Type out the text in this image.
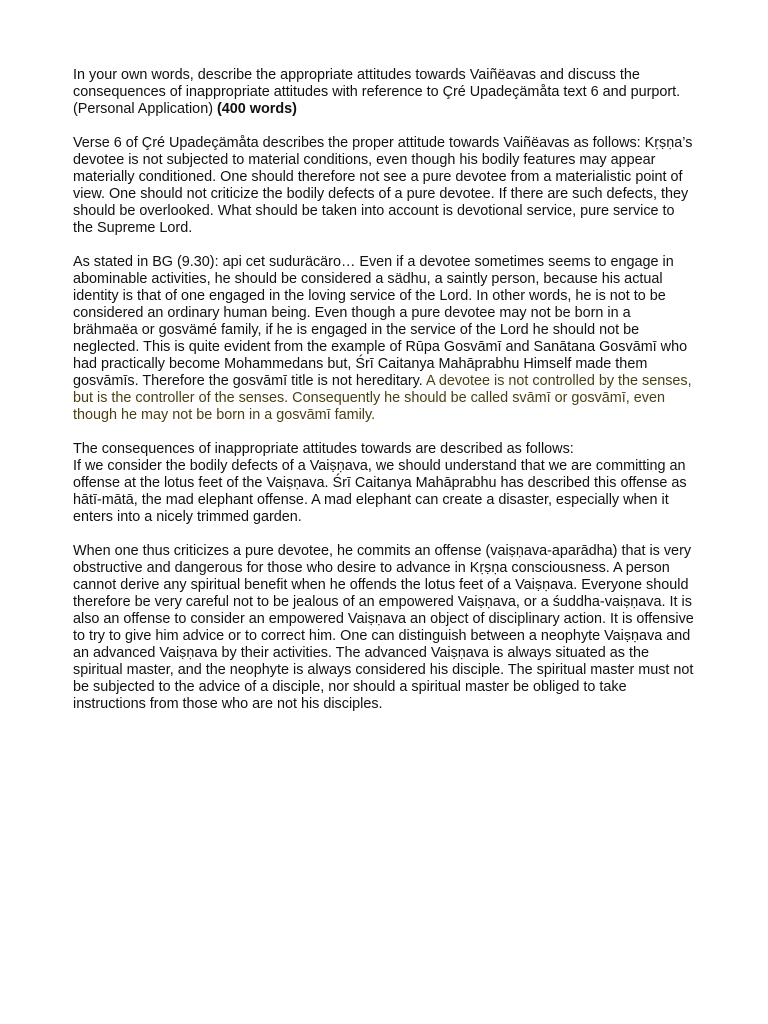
In your own words, describe the appropriate attitudes towards Vaiñëavas and discuss the consequences of inappropriate attitudes with reference to Çré Upadeçämåta text 6 and purport. (Personal Application) (400 words)

Verse 6 of Çré Upadeçämåta describes the proper attitude towards Vaiñëavas as follows: Kṛṣṇa’s devotee is not subjected to material conditions, even though his bodily features may appear materially conditioned. One should therefore not see a pure devotee from a materialistic point of view. One should not criticize the bodily defects of a pure devotee. If there are such defects, they should be overlooked. What should be taken into account is devotional service, pure service to the Supreme Lord.

As stated in BG (9.30): api cet suduräcäro… Even if a devotee sometimes seems to engage in abominable activities, he should be considered a sädhu, a saintly person, because his actual identity is that of one engaged in the loving service of the Lord. In other words, he is not to be considered an ordinary human being. Even though a pure devotee may not be born in a brähmaëa or gosvämé family, if he is engaged in the service of the Lord he should not be neglected. This is quite evident from the example of Rūpa Gosvāmī and Sanātana Gosvāmī who had practically become Mohammedans but, Śrī Caitanya Mahāprabhu Himself made them gosvāmīs. Therefore the gosvāmī title is not hereditary. A devotee is not controlled by the senses, but is the controller of the senses. Consequently he should be called svāmī or gosvāmī, even though he may not be born in a gosvāmī family.

The consequences of inappropriate attitudes towards are described as follows:
If we consider the bodily defects of a Vaiṣṇava, we should understand that we are committing an offense at the lotus feet of the Vaiṣṇava. Śrī Caitanya Mahāprabhu has described this offense as hātī-mātā, the mad elephant offense. A mad elephant can create a disaster, especially when it enters into a nicely trimmed garden.

When one thus criticizes a pure devotee, he commits an offense (vaiṣṇava-aparādha) that is very obstructive and dangerous for those who desire to advance in Kṛṣṇa consciousness. A person cannot derive any spiritual benefit when he offends the lotus feet of a Vaiṣṇava. Everyone should therefore be very careful not to be jealous of an empowered Vaiṣṇava, or a śuddha-vaiṣṇava. It is also an offense to consider an empowered Vaiṣṇava an object of disciplinary action. It is offensive to try to give him advice or to correct him. One can distinguish between a neophyte Vaiṣṇava and an advanced Vaiṣṇava by their activities. The advanced Vaiṣṇava is always situated as the spiritual master, and the neophyte is always considered his disciple. The spiritual master must not be subjected to the advice of a disciple, nor should a spiritual master be obliged to take instructions from those who are not his disciples.
